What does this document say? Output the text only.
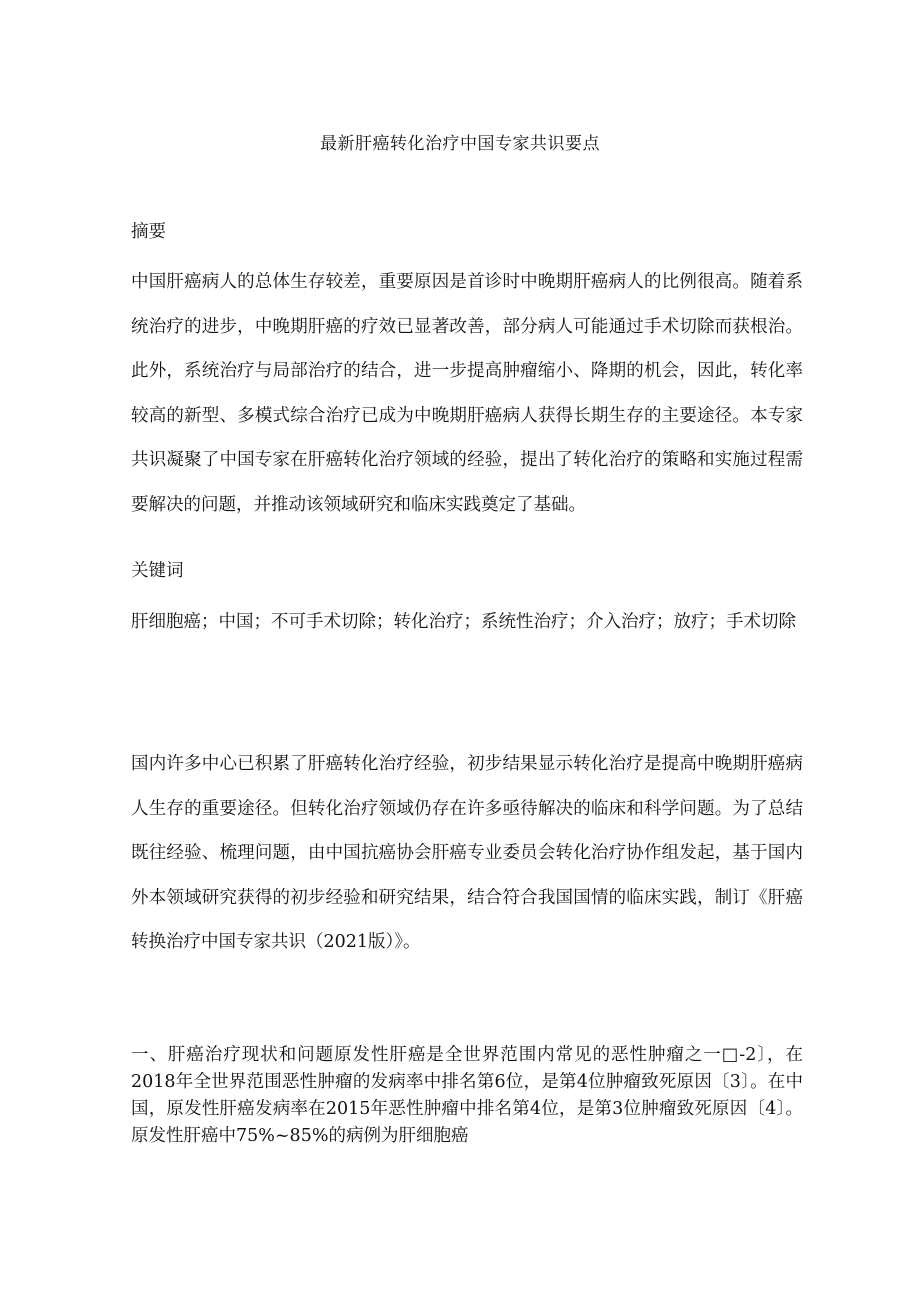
最新肝癌转化治疗中国专家共识要点
摘要

中国肝癌病人的总体生存较差，重要原因是首诊时中晚期肝癌病人的比例很高。随着系统治疗的进步，中晚期肝癌的疗效已显著改善，部分病人可能通过手术切除而获根治。此外，系统治疗与局部治疗的结合，进一步提高肿瘤缩小、降期的机会，因此，转化率较高的新型、多模式综合治疗已成为中晚期肝癌病人获得长期生存的主要途径。本专家共识凝聚了中国专家在肝癌转化治疗领域的经验，提出了转化治疗的策略和实施过程需要解决的问题，并推动该领域研究和临床实践奠定了基础。

关键词

肝细胞癌；中国；不可手术切除；转化治疗；系统性治疗；介入治疗；放疗；手术切除

国内许多中心已积累了肝癌转化治疗经验，初步结果显示转化治疗是提高中晚期肝癌病人生存的重要途径。但转化治疗领域仍存在许多亟待解决的临床和科学问题。为了总结既往经验、梳理问题，由中国抗癌协会肝癌专业委员会转化治疗协作组发起，基于国内外本领域研究获得的初步经验和研究结果，结合符合我国国情的临床实践，制订《肝癌转换治疗中国专家共识（2021版）》。

一、肝癌治疗现状和问题原发性肝癌是全世界范围内常见的恶性肿瘤之一□-2〕，在2018年全世界范围恶性肿瘤的发病率中排名第6位，是第4位肿瘤致死原因〔3〕。在中国，原发性肝癌发病率在2015年恶性肿瘤中排名第4位，是第3位肿瘤致死原因〔4〕。原发性肝癌中75%~85%的病例为肝细胞癌
